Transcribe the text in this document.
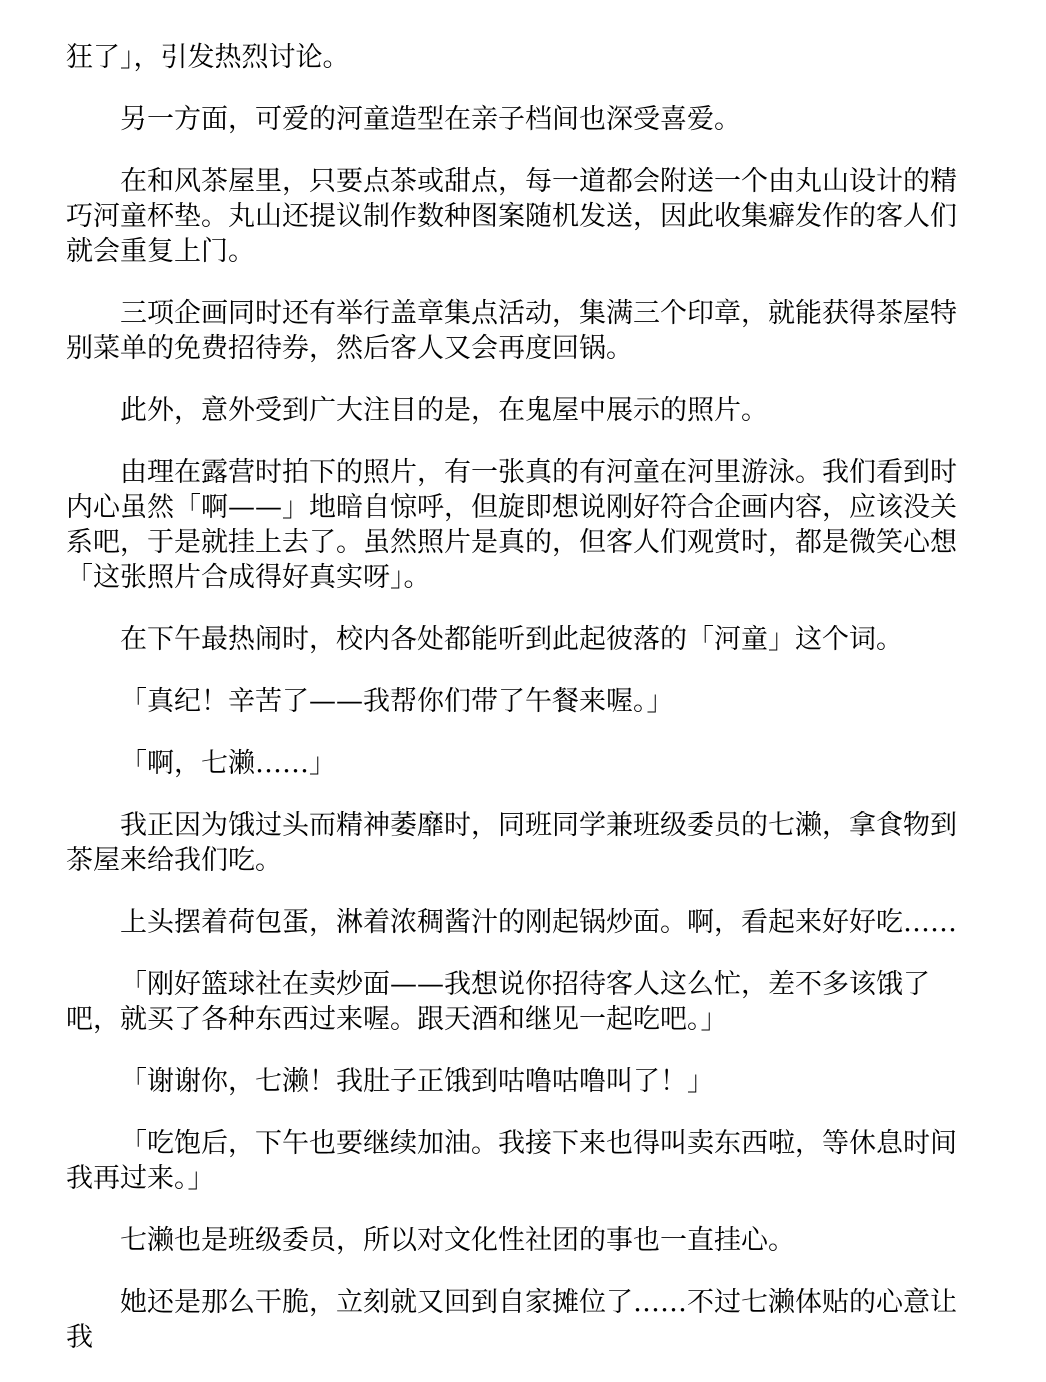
狂了」，引发热烈讨论。

另一方面，可爱的河童造型在亲子档间也深受喜爱。

在和风茶屋里，只要点茶或甜点，每一道都会附送一个由丸山设计的精巧河童杯垫。丸山还提议制作数种图案随机发送，因此收集癖发作的客人们就会重复上门。

三项企画同时还有举行盖章集点活动，集满三个印章，就能获得茶屋特别菜单的免费招待券，然后客人又会再度回锅。

此外，意外受到广大注目的是，在鬼屋中展示的照片。

由理在露营时拍下的照片，有一张真的有河童在河里游泳。我们看到时内心虽然「啊——」地暗自惊呼，但旋即想说刚好符合企画内容，应该没关系吧，于是就挂上去了。虽然照片是真的，但客人们观赏时，都是微笑心想「这张照片合成得好真实呀」。

在下午最热闹时，校内各处都能听到此起彼落的「河童」这个词。

「真纪！辛苦了——我帮你们带了午餐来喔。」

「啊，七濑……」

我正因为饿过头而精神萎靡时，同班同学兼班级委员的七濑，拿食物到茶屋来给我们吃。

上头摆着荷包蛋，淋着浓稠酱汁的刚起锅炒面。啊，看起来好好吃……

「刚好篮球社在卖炒面——我想说你招待客人这么忙，差不多该饿了吧，就买了各种东西过来喔。跟天酒和继见一起吃吧。」

「谢谢你，七濑！我肚子正饿到咕噜咕噜叫了！」

「吃饱后，下午也要继续加油。我接下来也得叫卖东西啦，等休息时间我再过来。」

七濑也是班级委员，所以对文化性社团的事也一直挂心。

她还是那么干脆，立刻就又回到自家摊位了……不过七濑体贴的心意让我
